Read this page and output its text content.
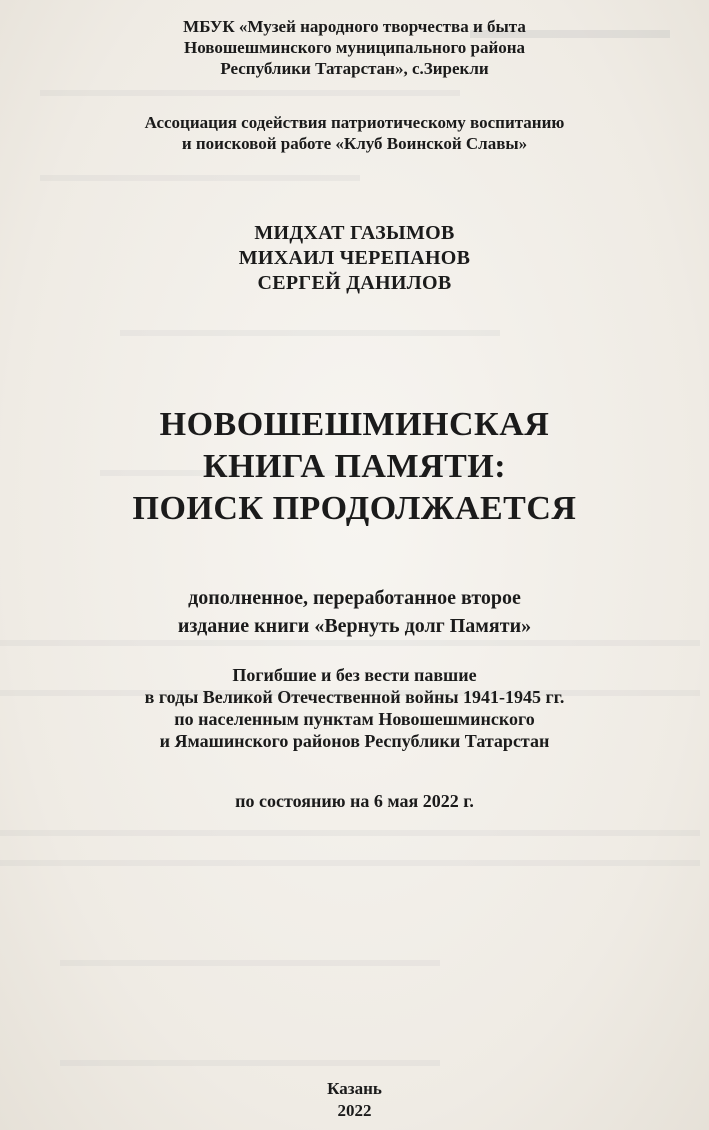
МБУК «Музей народного творчества и быта
Новошешминского муниципального района
Республики Татарстан», с.Зирекли
Ассоциация содействия патриотическому воспитанию
и поисковой работе «Клуб Воинской Славы»
МИДХАТ ГАЗЫМОВ
МИХАИЛ ЧЕРЕПАНОВ
СЕРГЕЙ ДАНИЛОВ
НОВОШЕШМИНСКАЯ
КНИГА ПАМЯТИ:
ПОИСК ПРОДОЛЖАЕТСЯ
дополненное, переработанное второе
издание книги «Вернуть долг Памяти»
Погибшие и без вести павшие
в годы Великой Отечественной войны 1941-1945 гг.
по населенным пунктам Новошешминского
и Ямашинского районов Республики Татарстан
по состоянию на 6 мая 2022 г.
Казань
2022
